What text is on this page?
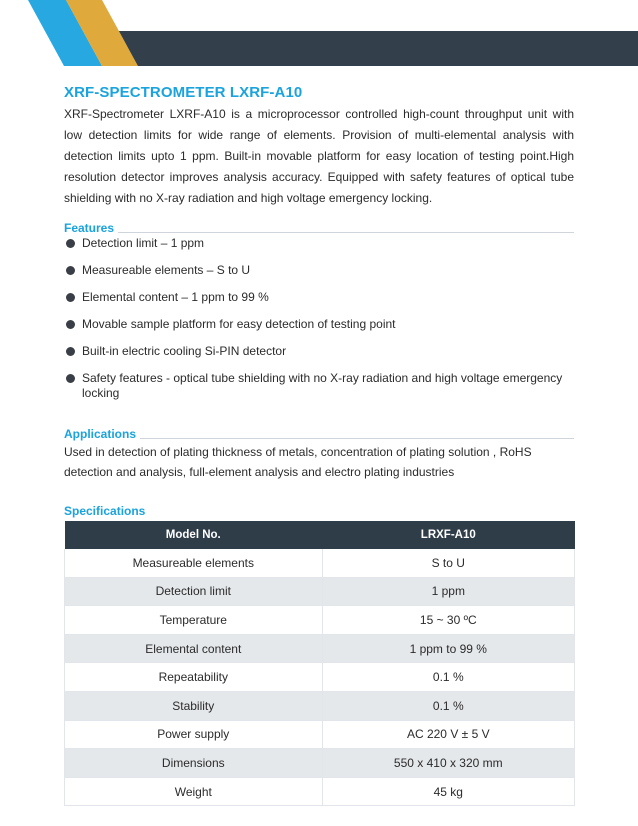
XRF-SPECTROMETER LXRF-A10

XRF-Spectrometer LXRF-A10 is a microprocessor controlled high-count throughput unit with low detection limits for wide range of elements. Provision of multi-elemental analysis with detection limits upto 1 ppm. Built-in movable platform for easy location of testing point.High resolution detector improves analysis accuracy. Equipped with safety features of optical tube shielding with no X-ray radiation and high voltage emergency locking.

Features
Detection limit – 1 ppm
Measureable elements – S to U
Elemental content – 1 ppm to 99 %
Movable sample platform for easy detection of testing point
Built-in electric cooling Si-PIN detector
Safety features - optical tube shielding with no X-ray radiation and high voltage emergency locking
Applications

Used in detection of plating thickness of metals, concentration of plating solution , RoHS detection and analysis, full-element analysis and electro plating industries

Specifications
Model No.	LRXF-A10
Measureable elements	S to U
Detection limit	1 ppm
Temperature	15 ~ 30 ºC
Elemental content	1 ppm to 99 %
Repeatability	0.1 %
Stability	0.1 %
Power supply	AC 220 V ± 5 V
Dimensions	550 x 410 x 320 mm
Weight	45 kg
